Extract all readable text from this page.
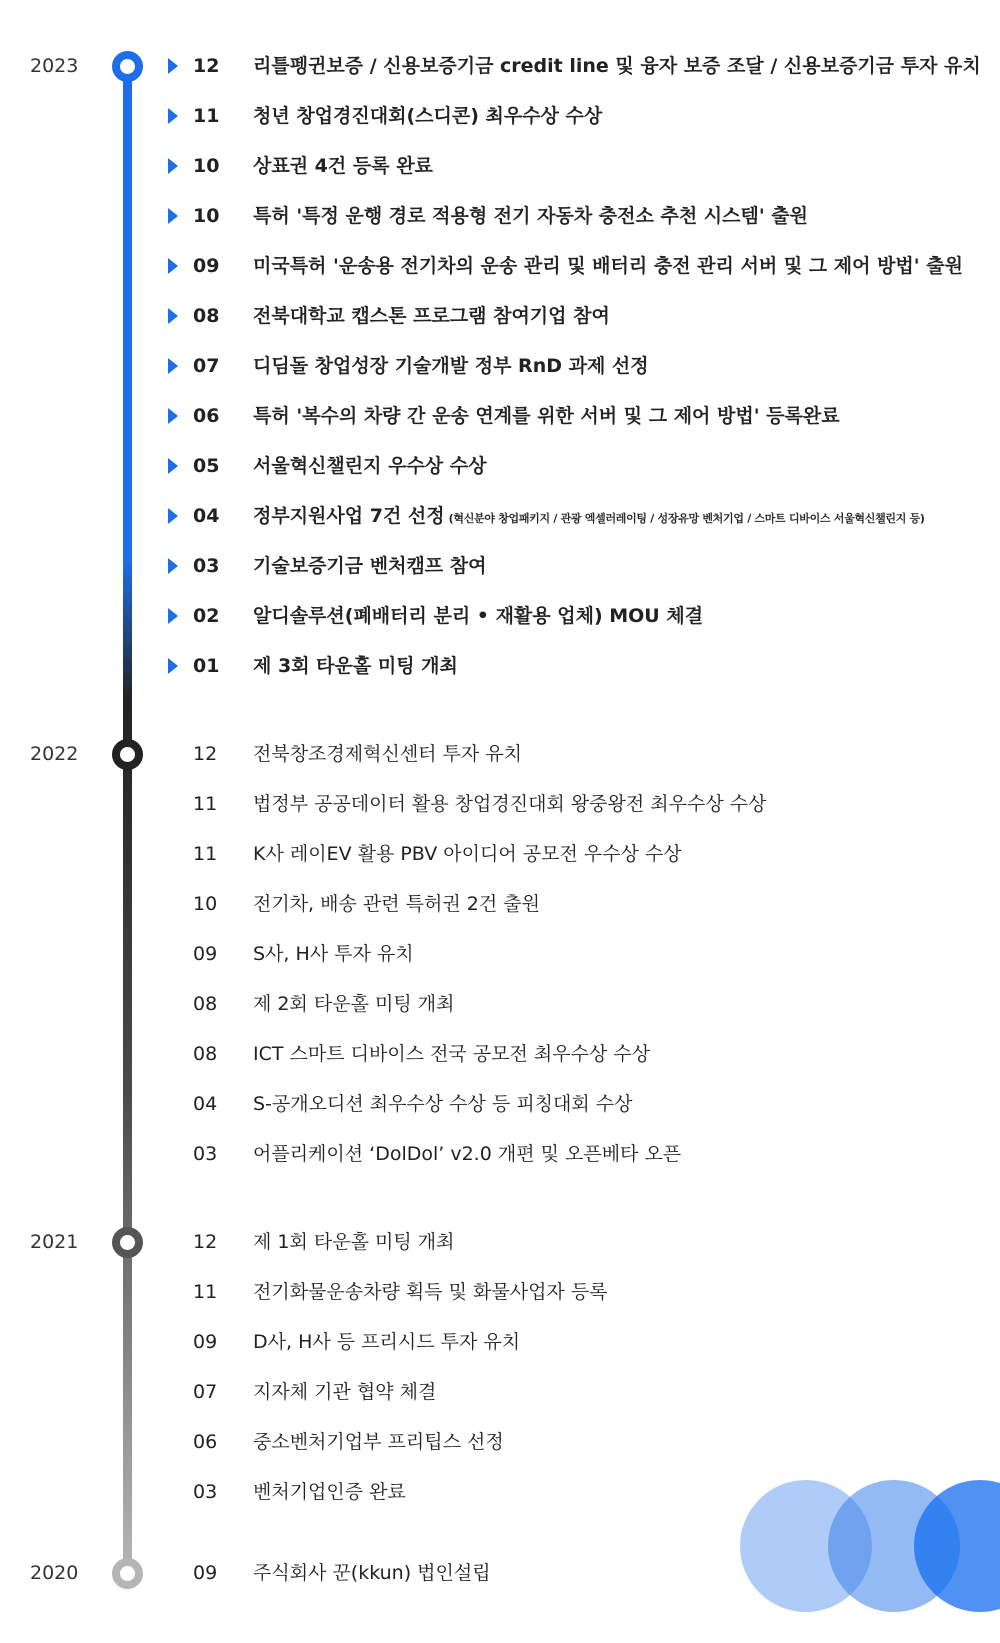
2023	12	리틀펭귄보증 / 신용보증기금 credit line 및 융자 보증 조달 / 신용보증기금 투자 유치
11	청년 창업경진대회(스디콘) 최우수상 수상
10	상표권 4건 등록 완료
10	특허 '특정 운행 경로 적용형 전기 자동차 충전소 추천 시스템' 출원
09	미국특허 '운송용 전기차의 운송 관리 및 배터리 충전 관리 서버 및 그 제어 방법' 출원
08	전북대학교 캡스톤 프로그램 참여기업 참여
07	디딤돌 창업성장 기술개발 정부 RnD 과제 선정
06	특허 '복수의 차량 간 운송 연계를 위한 서버 및 그 제어 방법' 등록완료
05	서울혁신챌린지 우수상 수상
04	정부지원사업 7건 선정 (혁신분야 창업패키지 / 관광 엑셀러레이팅 / 성장유망 벤처기업 / 스마트 디바이스 서울혁신챌린지 등)
03	기술보증기금 벤처캠프 참여
02	알디솔루션(폐배터리 분리 • 재활용 업체) MOU 체결
01	제 3회 타운홀 미팅 개최
2022	12	전북창조경제혁신센터 투자 유치
11	법정부 공공데이터 활용 창업경진대회 왕중왕전 최우수상 수상
11	K사 레이EV 활용 PBV 아이디어 공모전 우수상 수상
10	전기차, 배송 관련 특허권 2건 출원
09	S사, H사 투자 유치
08	제 2회 타운홀 미팅 개최
08	ICT 스마트 디바이스 전국 공모전 최우수상 수상
04	S-공개오디션 최우수상 수상 등 피칭대회 수상
03	어플리케이션 ‘DolDol’ v2.0 개편 및 오픈베타 오픈
2021	12	제 1회 타운홀 미팅 개최
11	전기화물운송차량 획득 및 화물사업자 등록
09	D사, H사 등 프리시드 투자 유치
07	지자체 기관 협약 체결
06	중소벤처기업부 프리팁스 선정
03	벤처기업인증 완료
2020	09	주식회사 꾼(kkun) 법인설립
